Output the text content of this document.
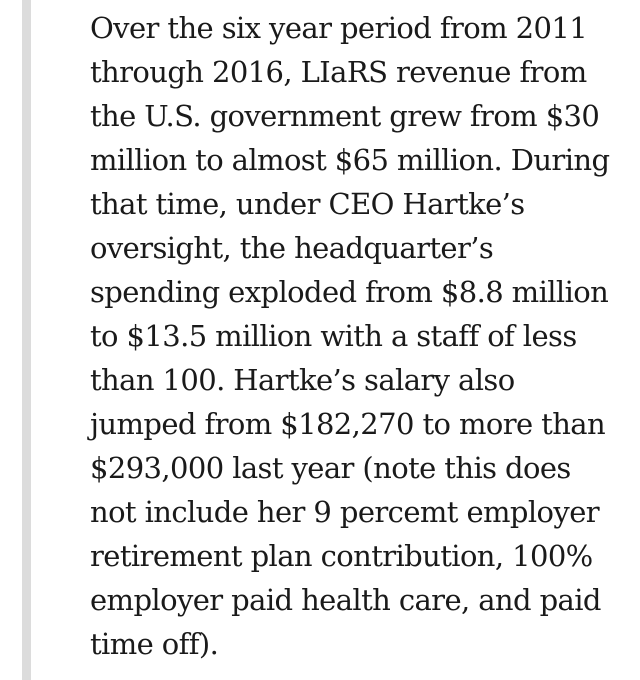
Over the six year period from 2011
through 2016, LIaRS revenue from
the U.S. government grew from $30
million to almost $65 million. During
that time, under CEO Hartke’s
oversight, the headquarter’s
spending exploded from $8.8 million
to $13.5 million with a staff of less
than 100. Hartke’s salary also
jumped from $182,270 to more than
$293,000 last year (note this does
not include her 9 percemt employer
retirement plan contribution, 100%
employer paid health care, and paid
time off).
